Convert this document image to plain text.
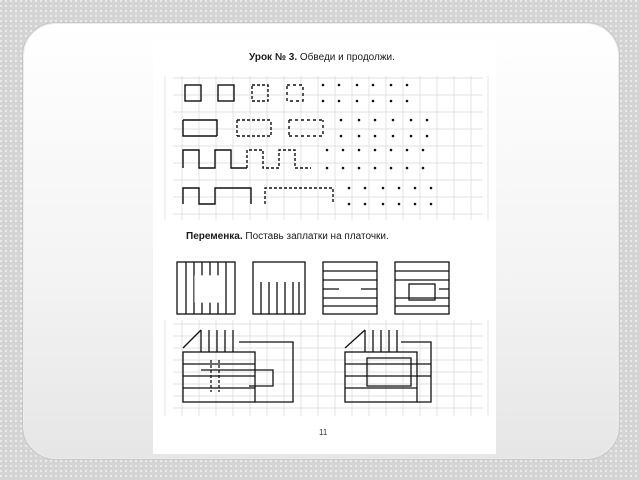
Урок № 3. Обведи и продолжи.

Переменка. Поставь заплатки на платочки.

11
